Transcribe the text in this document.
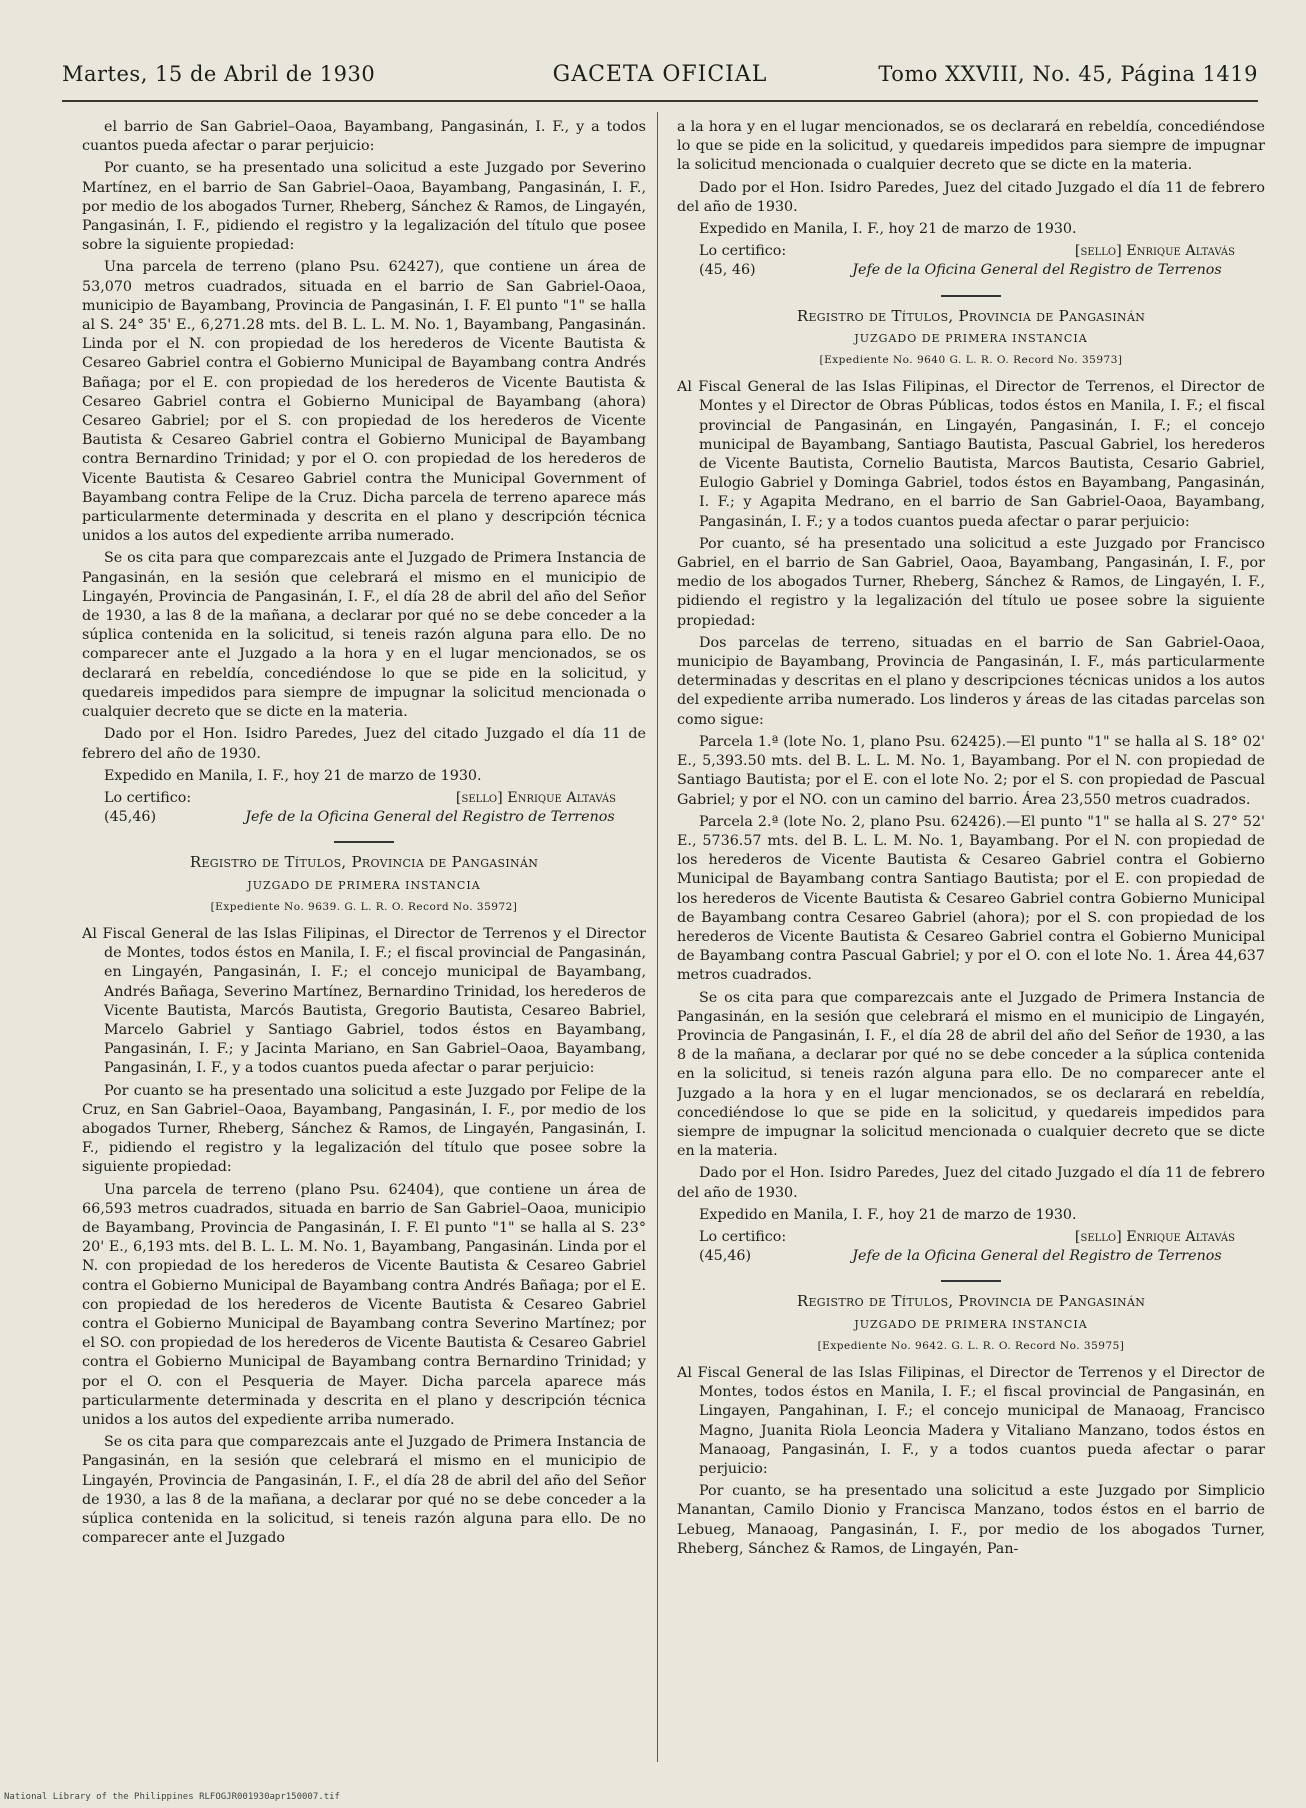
Martes, 15 de Abril de 1930	GACETA OFICIAL	Tomo XXVIII, No. 45, Página 1419

el barrio de San Gabriel–Oaoa, Bayambang, Pangasinán, I. F., y a todos cuantos pueda afectar o parar perjuicio:

Por cuanto, se ha presentado una solicitud a este Juzgado por Severino Martínez, en el barrio de San Gabriel–Oaoa, Bayambang, Pangasinán, I. F., por medio de los abogados Turner, Rheberg, Sánchez & Ramos, de Lingayén, Pangasinán, I. F., pidiendo el registro y la legalización del título que posee sobre la siguiente propiedad:

Una parcela de terreno (plano Psu. 62427), que contiene un área de 53,070 metros cuadrados, situada en el barrio de San Gabriel-Oaoa, municipio de Bayambang, Provincia de Pangasinán, I. F. El punto "1" se halla al S. 24° 35' E., 6,271.28 mts. del B. L. L. M. No. 1, Bayambang, Pangasinán. Linda por el N. con propiedad de los herederos de Vicente Bautista & Cesareo Gabriel contra el Gobierno Municipal de Bayambang contra Andrés Bañaga; por el E. con propiedad de los herederos de Vicente Bautista & Cesareo Gabriel contra el Gobierno Municipal de Bayambang (ahora) Cesareo Gabriel; por el S. con propiedad de los herederos de Vicente Bautista & Cesareo Gabriel contra el Gobierno Municipal de Bayambang contra Bernardino Trinidad; y por el O. con propiedad de los herederos de Vicente Bautista & Cesareo Gabriel contra the Municipal Government of Bayambang contra Felipe de la Cruz. Dicha parcela de terreno aparece más particularmente determinada y descrita en el plano y descripción técnica unidos a los autos del expediente arriba numerado.

Se os cita para que comparezcais ante el Juzgado de Primera Instancia de Pangasinán, en la sesión que celebrará el mismo en el municipio de Lingayén, Provincia de Pangasinán, I. F., el día 28 de abril del año del Señor de 1930, a las 8 de la mañana, a declarar por qué no se debe conceder a la súplica contenida en la solicitud, si teneis razón alguna para ello. De no comparecer ante el Juzgado a la hora y en el lugar mencionados, se os declarará en rebeldía, concediéndose lo que se pide en la solicitud, y quedareis impedidos para siempre de impugnar la solicitud mencionada o cualquier decreto que se dicte en la materia.

Dado por el Hon. Isidro Paredes, Juez del citado Juzgado el día 11 de febrero del año de 1930.

Expedido en Manila, I. F., hoy 21 de marzo de 1930.

Lo certifico:	[sello] Enrique Altavás
(45,46)	Jefe de la Oficina General del Registro de Terrenos

Registro de Títulos, Provincia de Pangasinán

JUZGADO DE PRIMERA INSTANCIA

[Expediente No. 9639. G. L. R. O. Record No. 35972]

Al Fiscal General de las Islas Filipinas, el Director de Terrenos y el Director de Montes, todos éstos en Manila, I. F.; el fiscal provincial de Pangasinán, en Lingayén, Pangasinán, I. F.; el concejo municipal de Bayambang, Andrés Bañaga, Severino Martínez, Bernardino Trinidad, los herederos de Vicente Bautista, Marcós Bautista, Gregorio Bautista, Cesareo Babriel, Marcelo Gabriel y Santiago Gabriel, todos éstos en Bayambang, Pangasinán, I. F.; y Jacinta Mariano, en San Gabriel–Oaoa, Bayambang, Pangasinán, I. F., y a todos cuantos pueda afectar o parar perjuicio:

Por cuanto se ha presentado una solicitud a este Juzgado por Felipe de la Cruz, en San Gabriel–Oaoa, Bayambang, Pangasinán, I. F., por medio de los abogados Turner, Rheberg, Sánchez & Ramos, de Lingayén, Pangasinán, I. F., pidiendo el registro y la legalización del título que posee sobre la siguiente propiedad:

Una parcela de terreno (plano Psu. 62404), que contiene un área de 66,593 metros cuadrados, situada en barrio de San Gabriel–Oaoa, municipio de Bayambang, Provincia de Pangasinán, I. F. El punto "1" se halla al S. 23° 20' E., 6,193 mts. del B. L. L. M. No. 1, Bayambang, Pangasinán. Linda por el N. con propiedad de los herederos de Vicente Bautista & Cesareo Gabriel contra el Gobierno Municipal de Bayambang contra Andrés Bañaga; por el E. con propiedad de los herederos de Vicente Bautista & Cesareo Gabriel contra el Gobierno Municipal de Bayambang contra Severino Martínez; por el SO. con propiedad de los herederos de Vicente Bautista & Cesareo Gabriel contra el Gobierno Municipal de Bayambang contra Bernardino Trinidad; y por el O. con el Pesqueria de Mayer. Dicha parcela aparece más particularmente determinada y descrita en el plano y descripción técnica unidos a los autos del expediente arriba numerado.

Se os cita para que comparezcais ante el Juzgado de Primera Instancia de Pangasinán, en la sesión que celebrará el mismo en el municipio de Lingayén, Provincia de Pangasinán, I. F., el día 28 de abril del año del Señor de 1930, a las 8 de la mañana, a declarar por qué no se debe conceder a la súplica contenida en la solicitud, si teneis razón alguna para ello. De no comparecer ante el Juzgado

a la hora y en el lugar mencionados, se os declarará en rebeldía, concediéndose lo que se pide en la solicitud, y quedareis impedidos para siempre de impugnar la solicitud mencionada o cualquier decreto que se dicte en la materia.

Dado por el Hon. Isidro Paredes, Juez del citado Juzgado el día 11 de febrero del año de 1930.

Expedido en Manila, I. F., hoy 21 de marzo de 1930.

Lo certifico:	[sello] Enrique Altavás
(45, 46)	Jefe de la Oficina General del Registro de Terrenos

Registro de Títulos, Provincia de Pangasinán

JUZGADO DE PRIMERA INSTANCIA

[Expediente No. 9640 G. L. R. O. Record No. 35973]

Al Fiscal General de las Islas Filipinas, el Director de Terrenos, el Director de Montes y el Director de Obras Públicas, todos éstos en Manila, I. F.; el fiscal provincial de Pangasinán, en Lingayén, Pangasinán, I. F.; el concejo municipal de Bayambang, Santiago Bautista, Pascual Gabriel, los herederos de Vicente Bautista, Cornelio Bautista, Marcos Bautista, Cesario Gabriel, Eulogio Gabriel y Dominga Gabriel, todos éstos en Bayambang, Pangasinán, I. F.; y Agapita Medrano, en el barrio de San Gabriel-Oaoa, Bayambang, Pangasinán, I. F.; y a todos cuantos pueda afectar o parar perjuicio:

Por cuanto, sé ha presentado una solicitud a este Juzgado por Francisco Gabriel, en el barrio de San Gabriel, Oaoa, Bayambang, Pangasinán, I. F., por medio de los abogados Turner, Rheberg, Sánchez & Ramos, de Lingayén, I. F., pidiendo el registro y la legalización del título ue posee sobre la siguiente propiedad:

Dos parcelas de terreno, situadas en el barrio de San Gabriel-Oaoa, municipio de Bayambang, Provincia de Pangasinán, I. F., más particularmente determinadas y descritas en el plano y descripciones técnicas unidos a los autos del expediente arriba numerado. Los linderos y áreas de las citadas parcelas son como sigue:

Parcela 1.ª (lote No. 1, plano Psu. 62425).—El punto "1" se halla al S. 18° 02' E., 5,393.50 mts. del B. L. L. M. No. 1, Bayambang. Por el N. con propiedad de Santiago Bautista; por el E. con el lote No. 2; por el S. con propiedad de Pascual Gabriel; y por el NO. con un camino del barrio. Área 23,550 metros cuadrados.

Parcela 2.ª (lote No. 2, plano Psu. 62426).—El punto "1" se halla al S. 27° 52' E., 5736.57 mts. del B. L. L. M. No. 1, Bayambang. Por el N. con propiedad de los herederos de Vicente Bautista & Cesareo Gabriel contra el Gobierno Municipal de Bayambang contra Santiago Bautista; por el E. con propiedad de los herederos de Vicente Bautista & Cesareo Gabriel contra Gobierno Municipal de Bayambang contra Cesareo Gabriel (ahora); por el S. con propiedad de los herederos de Vicente Bautista & Cesareo Gabriel contra el Gobierno Municipal de Bayambang contra Pascual Gabriel; y por el O. con el lote No. 1. Área 44,637 metros cuadrados.

Se os cita para que comparezcais ante el Juzgado de Primera Instancia de Pangasinán, en la sesión que celebrará el mismo en el municipio de Lingayén, Provincia de Pangasinán, I. F., el día 28 de abril del año del Señor de 1930, a las 8 de la mañana, a declarar por qué no se debe conceder a la súplica contenida en la solicitud, si teneis razón alguna para ello. De no comparecer ante el Juzgado a la hora y en el lugar mencionados, se os declarará en rebeldía, concediéndose lo que se pide en la solicitud, y quedareis impedidos para siempre de impugnar la solicitud mencionada o cualquier decreto que se dicte en la materia.

Dado por el Hon. Isidro Paredes, Juez del citado Juzgado el día 11 de febrero del año de 1930.

Expedido en Manila, I. F., hoy 21 de marzo de 1930.

Lo certifico:	[sello] Enrique Altavás
(45,46)	Jefe de la Oficina General del Registro de Terrenos

Registro de Títulos, Provincia de Pangasinán

JUZGADO DE PRIMERA INSTANCIA

[Expediente No. 9642. G. L. R. O. Record No. 35975]

Al Fiscal General de las Islas Filipinas, el Director de Terrenos y el Director de Montes, todos éstos en Manila, I. F.; el fiscal provincial de Pangasinán, en Lingayen, Pangahinan, I. F.; el concejo municipal de Manaoag, Francisco Magno, Juanita Riola Leoncia Madera y Vitaliano Manzano, todos éstos en Manaoag, Pangasinán, I. F., y a todos cuantos pueda afectar o parar perjuicio:

Por cuanto, se ha presentado una solicitud a este Juzgado por Simplicio Manantan, Camilo Dionio y Francisca Manzano, todos éstos en el barrio de Lebueg, Manaoag, Pangasinán, I. F., por medio de los abogados Turner, Rheberg, Sánchez & Ramos, de Lingayén, Pan-

National Library of the Philippines RLFOGJR001930apr150007.tif
